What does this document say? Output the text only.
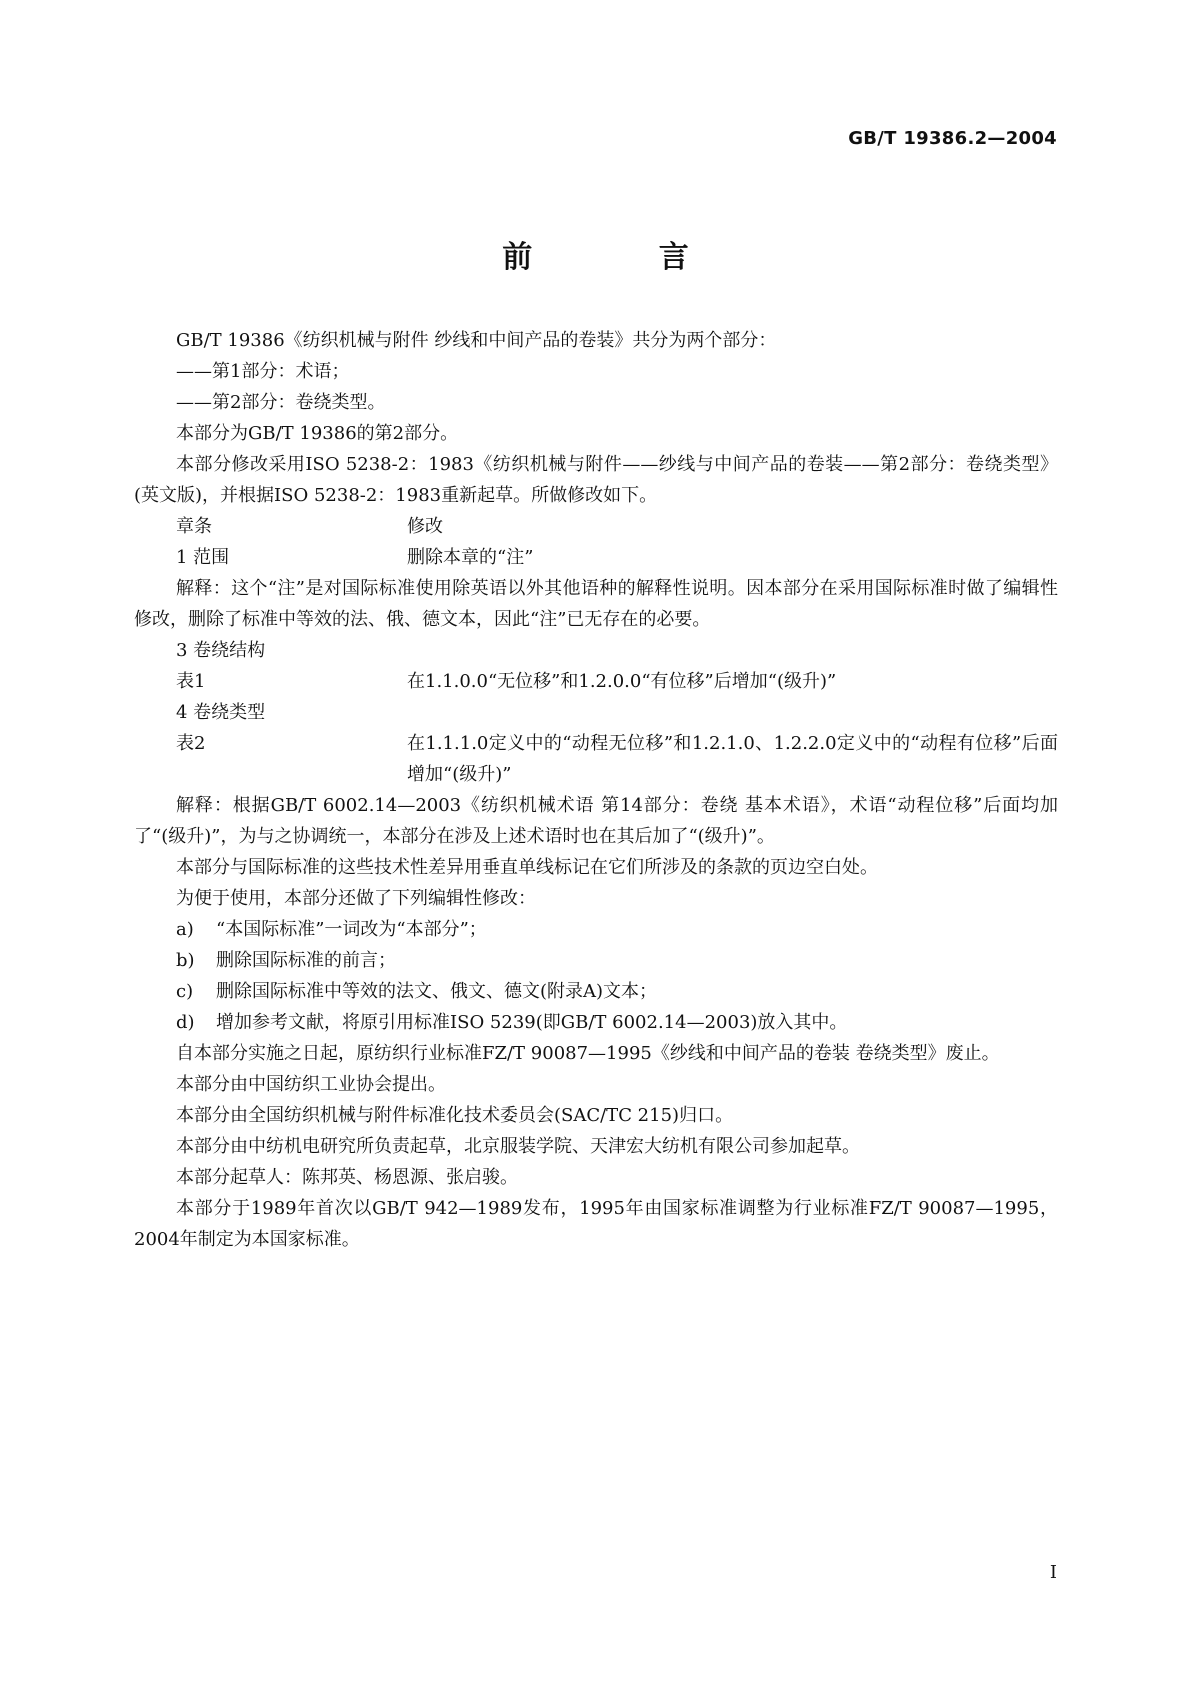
GB/T 19386.2—2004
前 言

GB/T 19386《纺织机械与附件 纱线和中间产品的卷装》共分为两个部分：

——第1部分：术语；

——第2部分：卷绕类型。

本部分为GB/T 19386的第2部分。

本部分修改采用ISO 5238-2：1983《纺织机械与附件——纱线与中间产品的卷装——第2部分：卷绕类型》(英文版)，并根据ISO 5238-2：1983重新起草。所做修改如下。

章条	修改
1 范围	删除本章的“注”

解释：这个“注”是对国际标准使用除英语以外其他语种的解释性说明。因本部分在采用国际标准时做了编辑性修改，删除了标准中等效的法、俄、德文本，因此“注”已无存在的必要。

3 卷绕结构
表1	在1.1.0.0“无位移”和1.2.0.0“有位移”后增加“(级升)”
4 卷绕类型
表2	在1.1.1.0定义中的“动程无位移”和1.2.1.0、1.2.2.0定义中的“动程有位移”后面增加“(级升)”

解释：根据GB/T 6002.14—2003《纺织机械术语 第14部分：卷绕 基本术语》，术语“动程位移”后面均加了“(级升)”，为与之协调统一，本部分在涉及上述术语时也在其后加了“(级升)”。

本部分与国际标准的这些技术性差异用垂直单线标记在它们所涉及的条款的页边空白处。

为便于使用，本部分还做了下列编辑性修改：

a) “本国际标准”一词改为“本部分”；
b) 删除国际标准的前言；
c) 删除国际标准中等效的法文、俄文、德文(附录A)文本；
d) 增加参考文献，将原引用标准ISO 5239(即GB/T 6002.14—2003)放入其中。

自本部分实施之日起，原纺织行业标准FZ/T 90087—1995《纱线和中间产品的卷装 卷绕类型》废止。

本部分由中国纺织工业协会提出。

本部分由全国纺织机械与附件标准化技术委员会(SAC/TC 215)归口。

本部分由中纺机电研究所负责起草，北京服装学院、天津宏大纺机有限公司参加起草。

本部分起草人：陈邦英、杨恩源、张启骏。

本部分于1989年首次以GB/T 942—1989发布，1995年由国家标准调整为行业标准FZ/T 90087—1995，2004年制定为本国家标准。

I
